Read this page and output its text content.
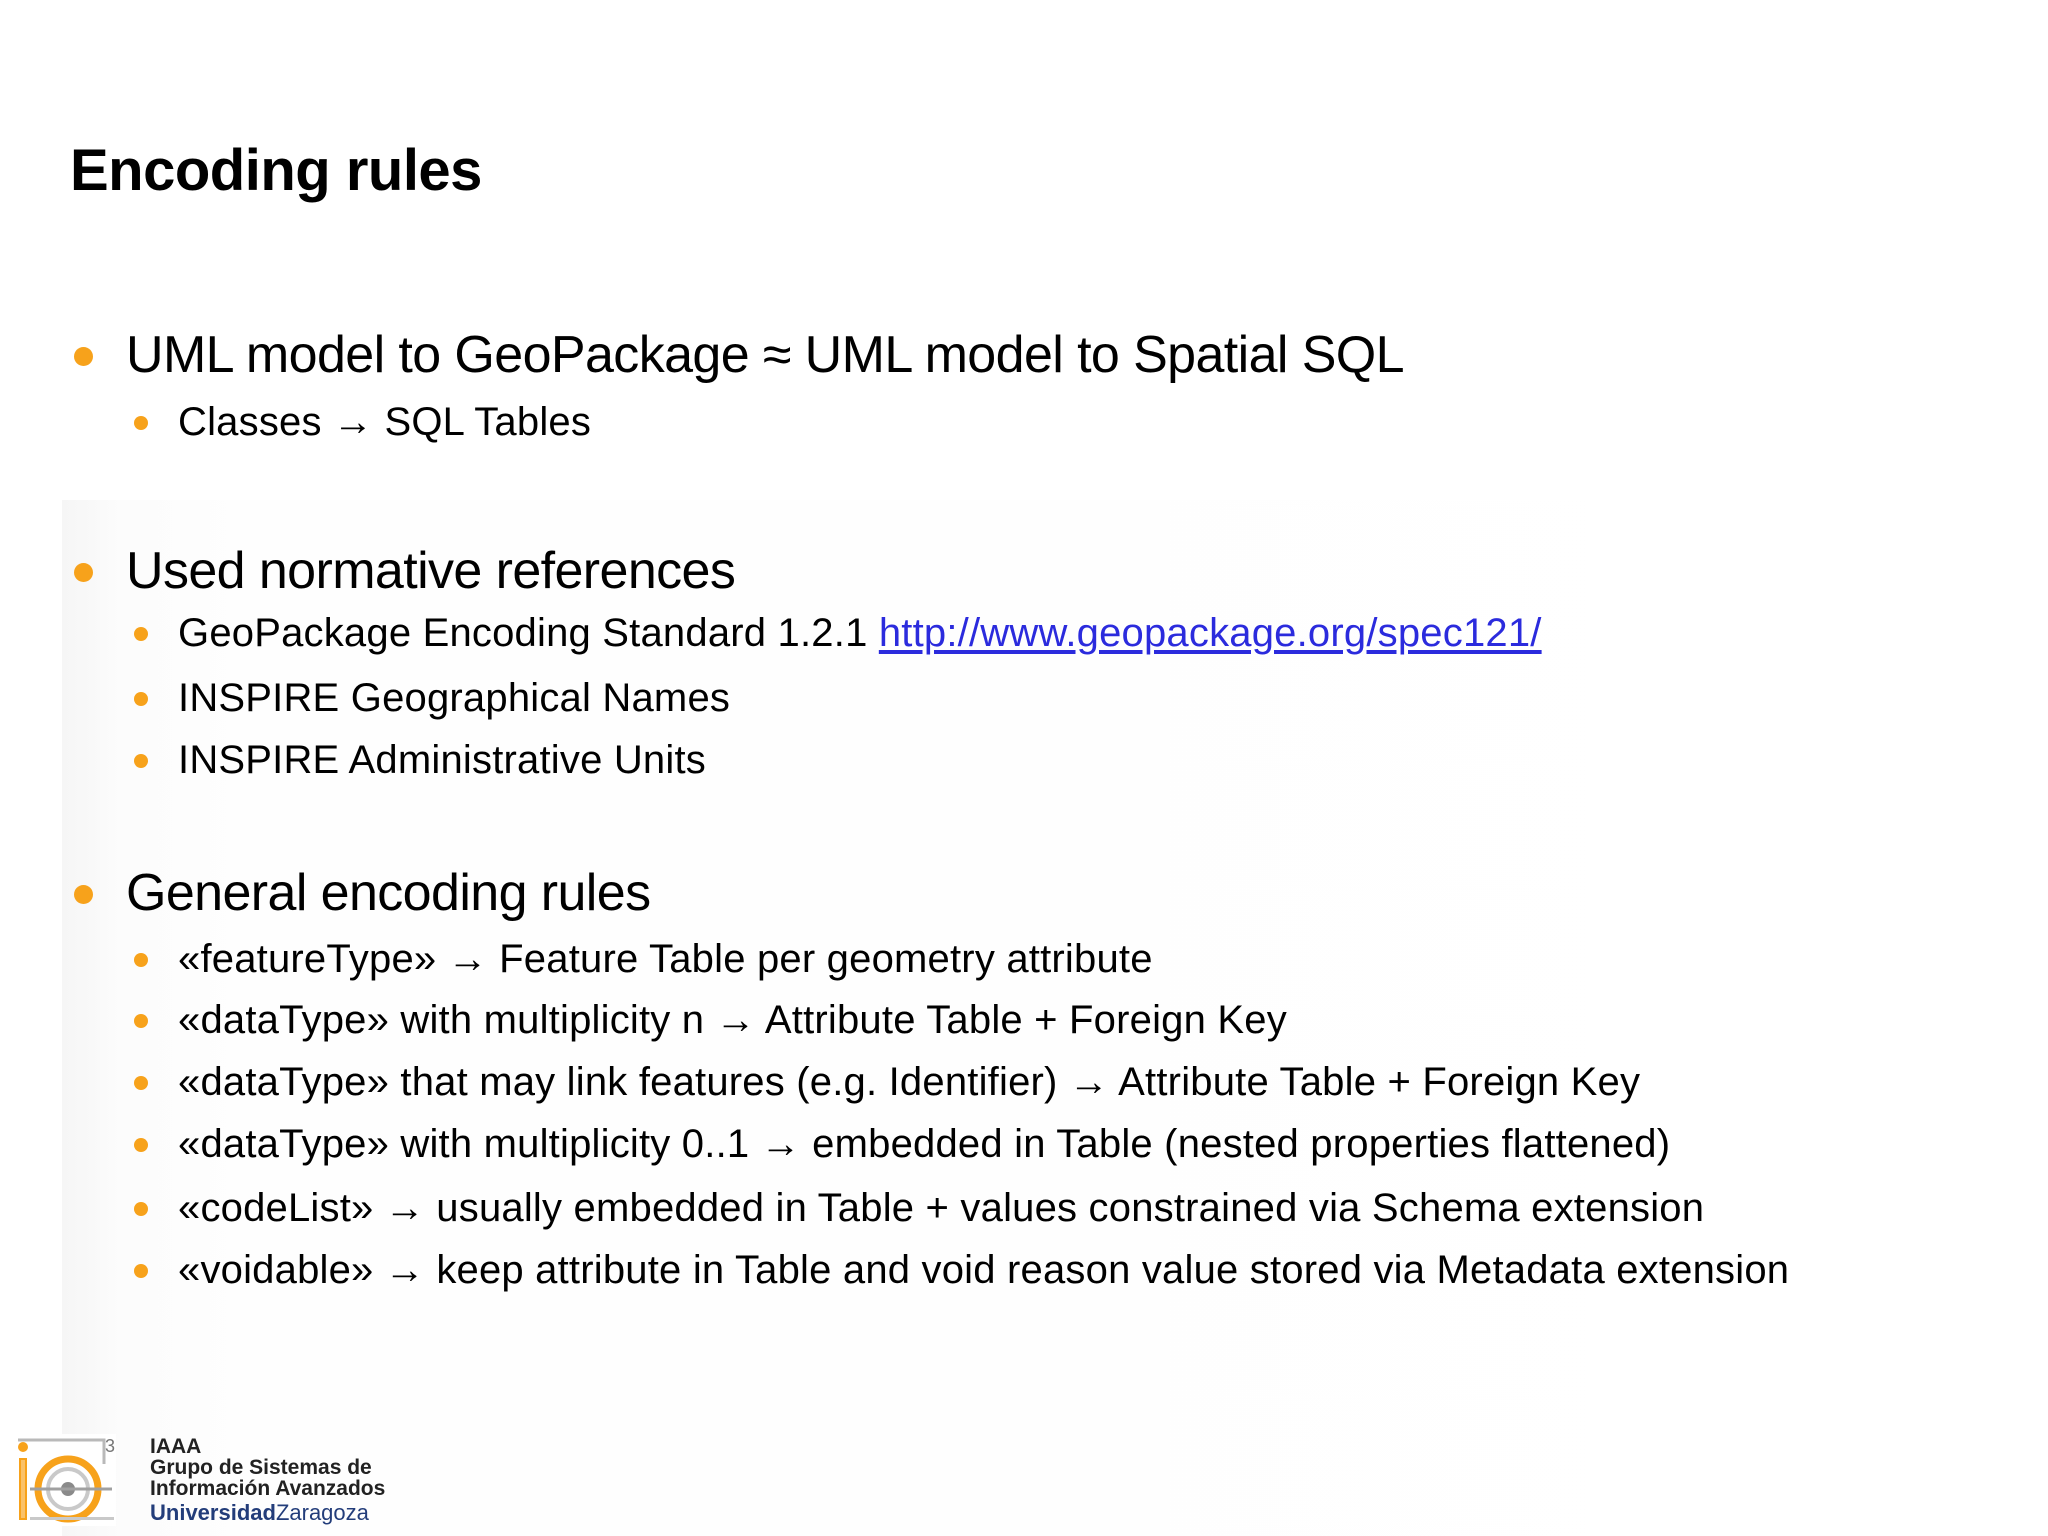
Encoding rules
UML model to GeoPackage ≈ UML model to Spatial SQL
Classes → SQL Tables
Used normative references
GeoPackage Encoding Standard 1.2.1 http://www.geopackage.org/spec121/
INSPIRE Geographical Names
INSPIRE Administrative Units
General encoding rules
«featureType» → Feature Table per geometry attribute
«dataType» with multiplicity n → Attribute Table + Foreign Key
«dataType» that may link features (e.g. Identifier) → Attribute Table + Foreign Key
«dataType» with multiplicity 0..1 → embedded in Table (nested properties flattened)
«codeList» → usually embedded in Table + values constrained via Schema extension
«voidable» → keep attribute in Table and void reason value stored via Metadata extension
3 IAAA
Grupo de Sistemas de
Información Avanzados
UniversidadZaragoza
